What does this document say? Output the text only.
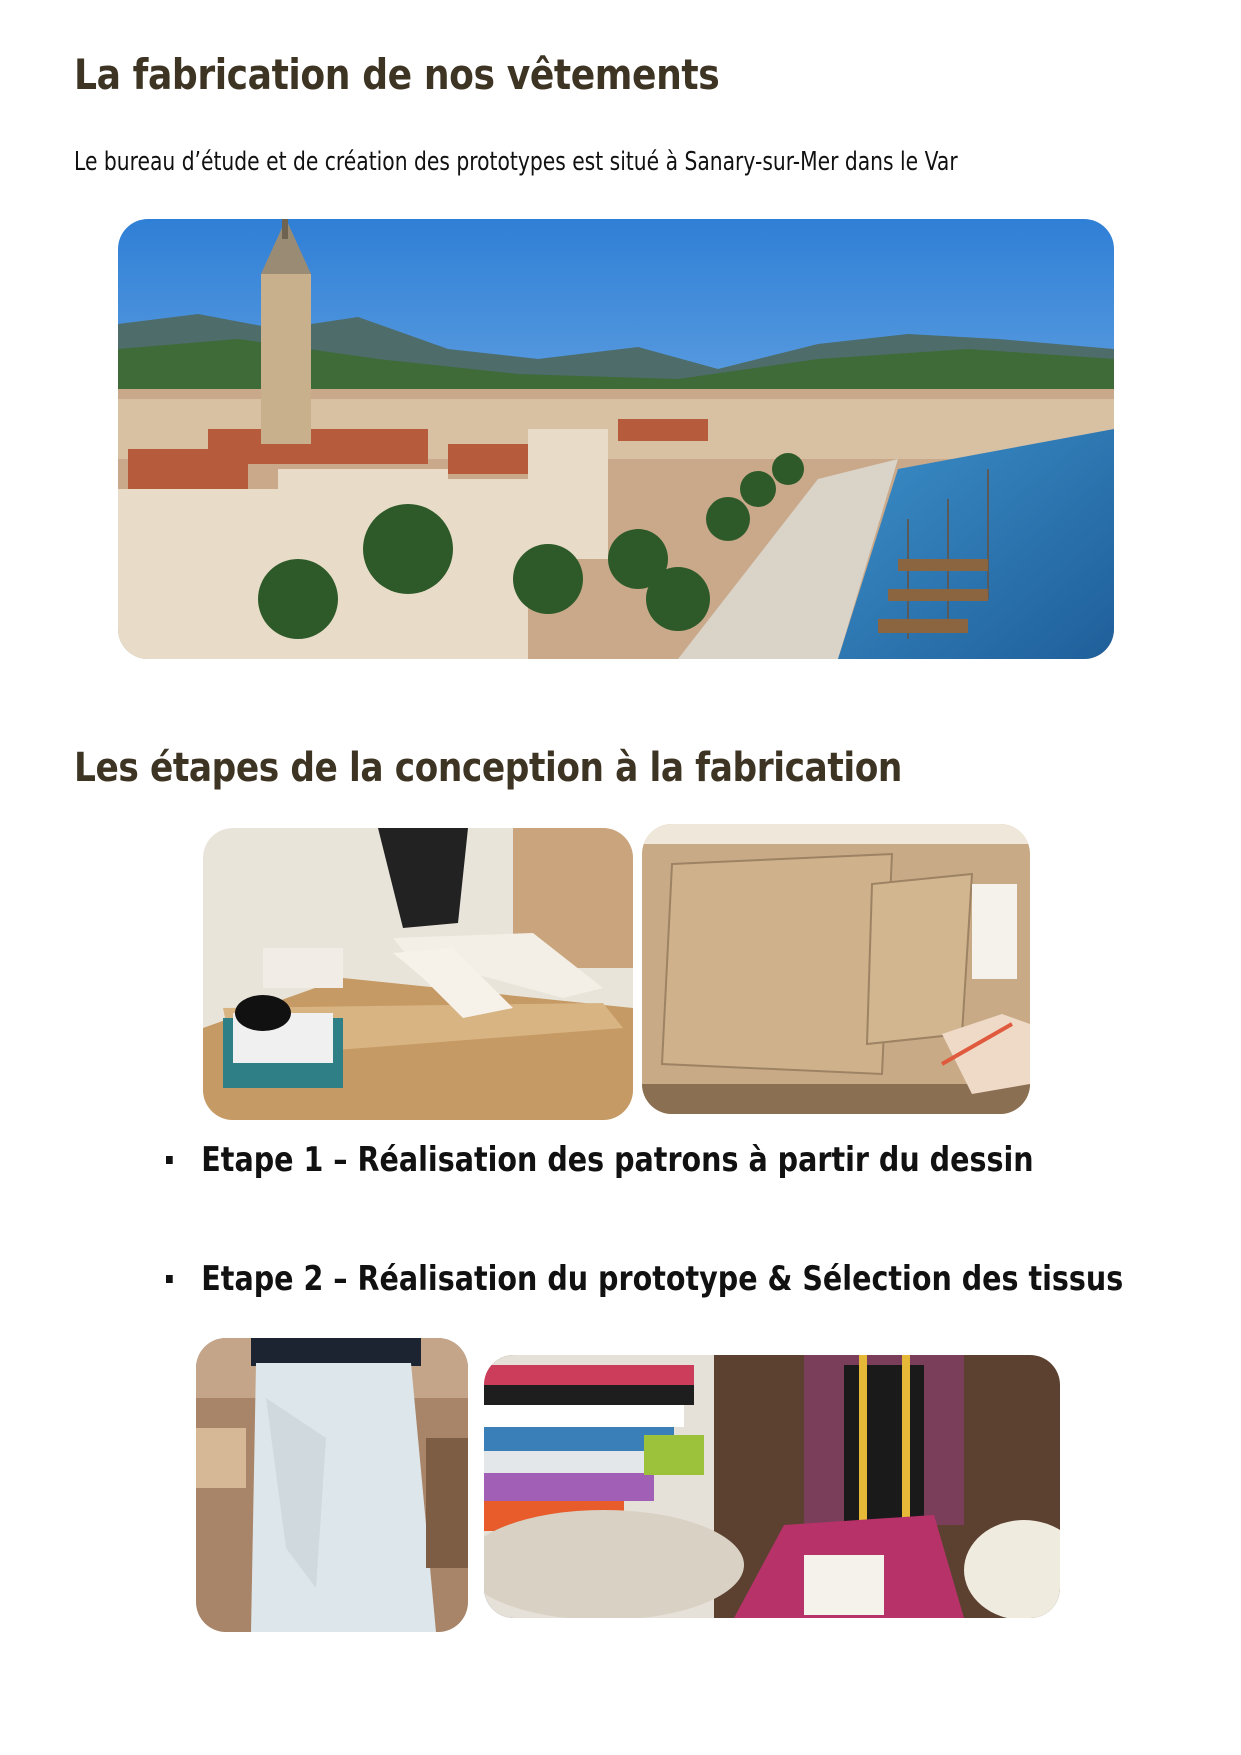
La fabrication de nos vêtements

Le bureau d’étude et de création des prototypes est situé à Sanary-sur-Mer dans le Var

Les étapes de la conception à la fabrication
Etape 1 – Réalisation des patrons à partir du dessin
Etape 2 – Réalisation du prototype & Sélection des tissus
